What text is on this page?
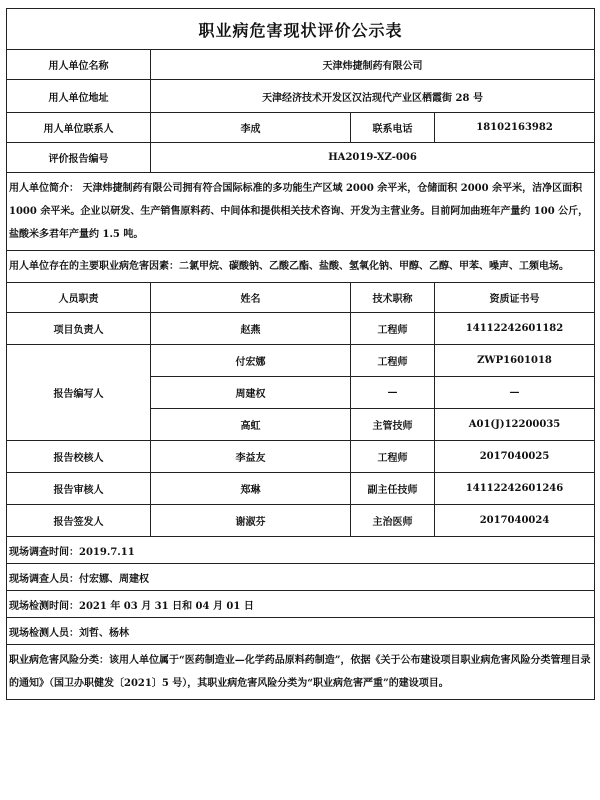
职业病危害现状评价公示表			
用人单位名称	天津炜捷制药有限公司		
用人单位地址	天津经济技术开发区汉沽现代产业区栖霞街 28 号		
用人单位联系人	李成	联系电话	18102163982
评价报告编号	HA2019-XZ-006		
用人单位简介： 天津炜捷制药有限公司拥有符合国际标准的多功能生产区域 2000 余平米，仓储面积 2000 余平米，洁净区面积 1000 余平米。企业以研发、生产销售原料药、中间体和提供相关技术咨询、开发为主营业务。目前阿加曲班年产量约 100 公斤，盐酸米多君年产量约 1.5 吨。			
用人单位存在的主要职业病危害因素：二氯甲烷、碳酸钠、乙酸乙酯、盐酸、氢氧化钠、甲醇、乙醇、甲苯、噪声、工频电场。			
人员职责	姓名	技术职称	资质证书号
项目负责人	赵燕	工程师	14112242601182
报告编写人	付宏娜	工程师	ZWP1601018
	周建权	—	—
	高虹	主管技师	A01(J)12200035
报告校核人	李益友	工程师	2017040025
报告审核人	郑琳	副主任技师	14112242601246
报告签发人	谢淑芬	主治医师	2017040024
现场调查时间：2019.7.11			
现场调查人员：付宏娜、周建权			
现场检测时间：2021 年 03 月 31 日和 04 月 01 日			
现场检测人员：刘哲、杨林			
职业病危害风险分类：该用人单位属于“医药制造业—化学药品原料药制造”，依据《关于公布建设项目职业病危害风险分类管理目录的通知》（国卫办职健发〔2021〕5 号），其职业病危害风险分类为“职业病危害严重”的建设项目。			
